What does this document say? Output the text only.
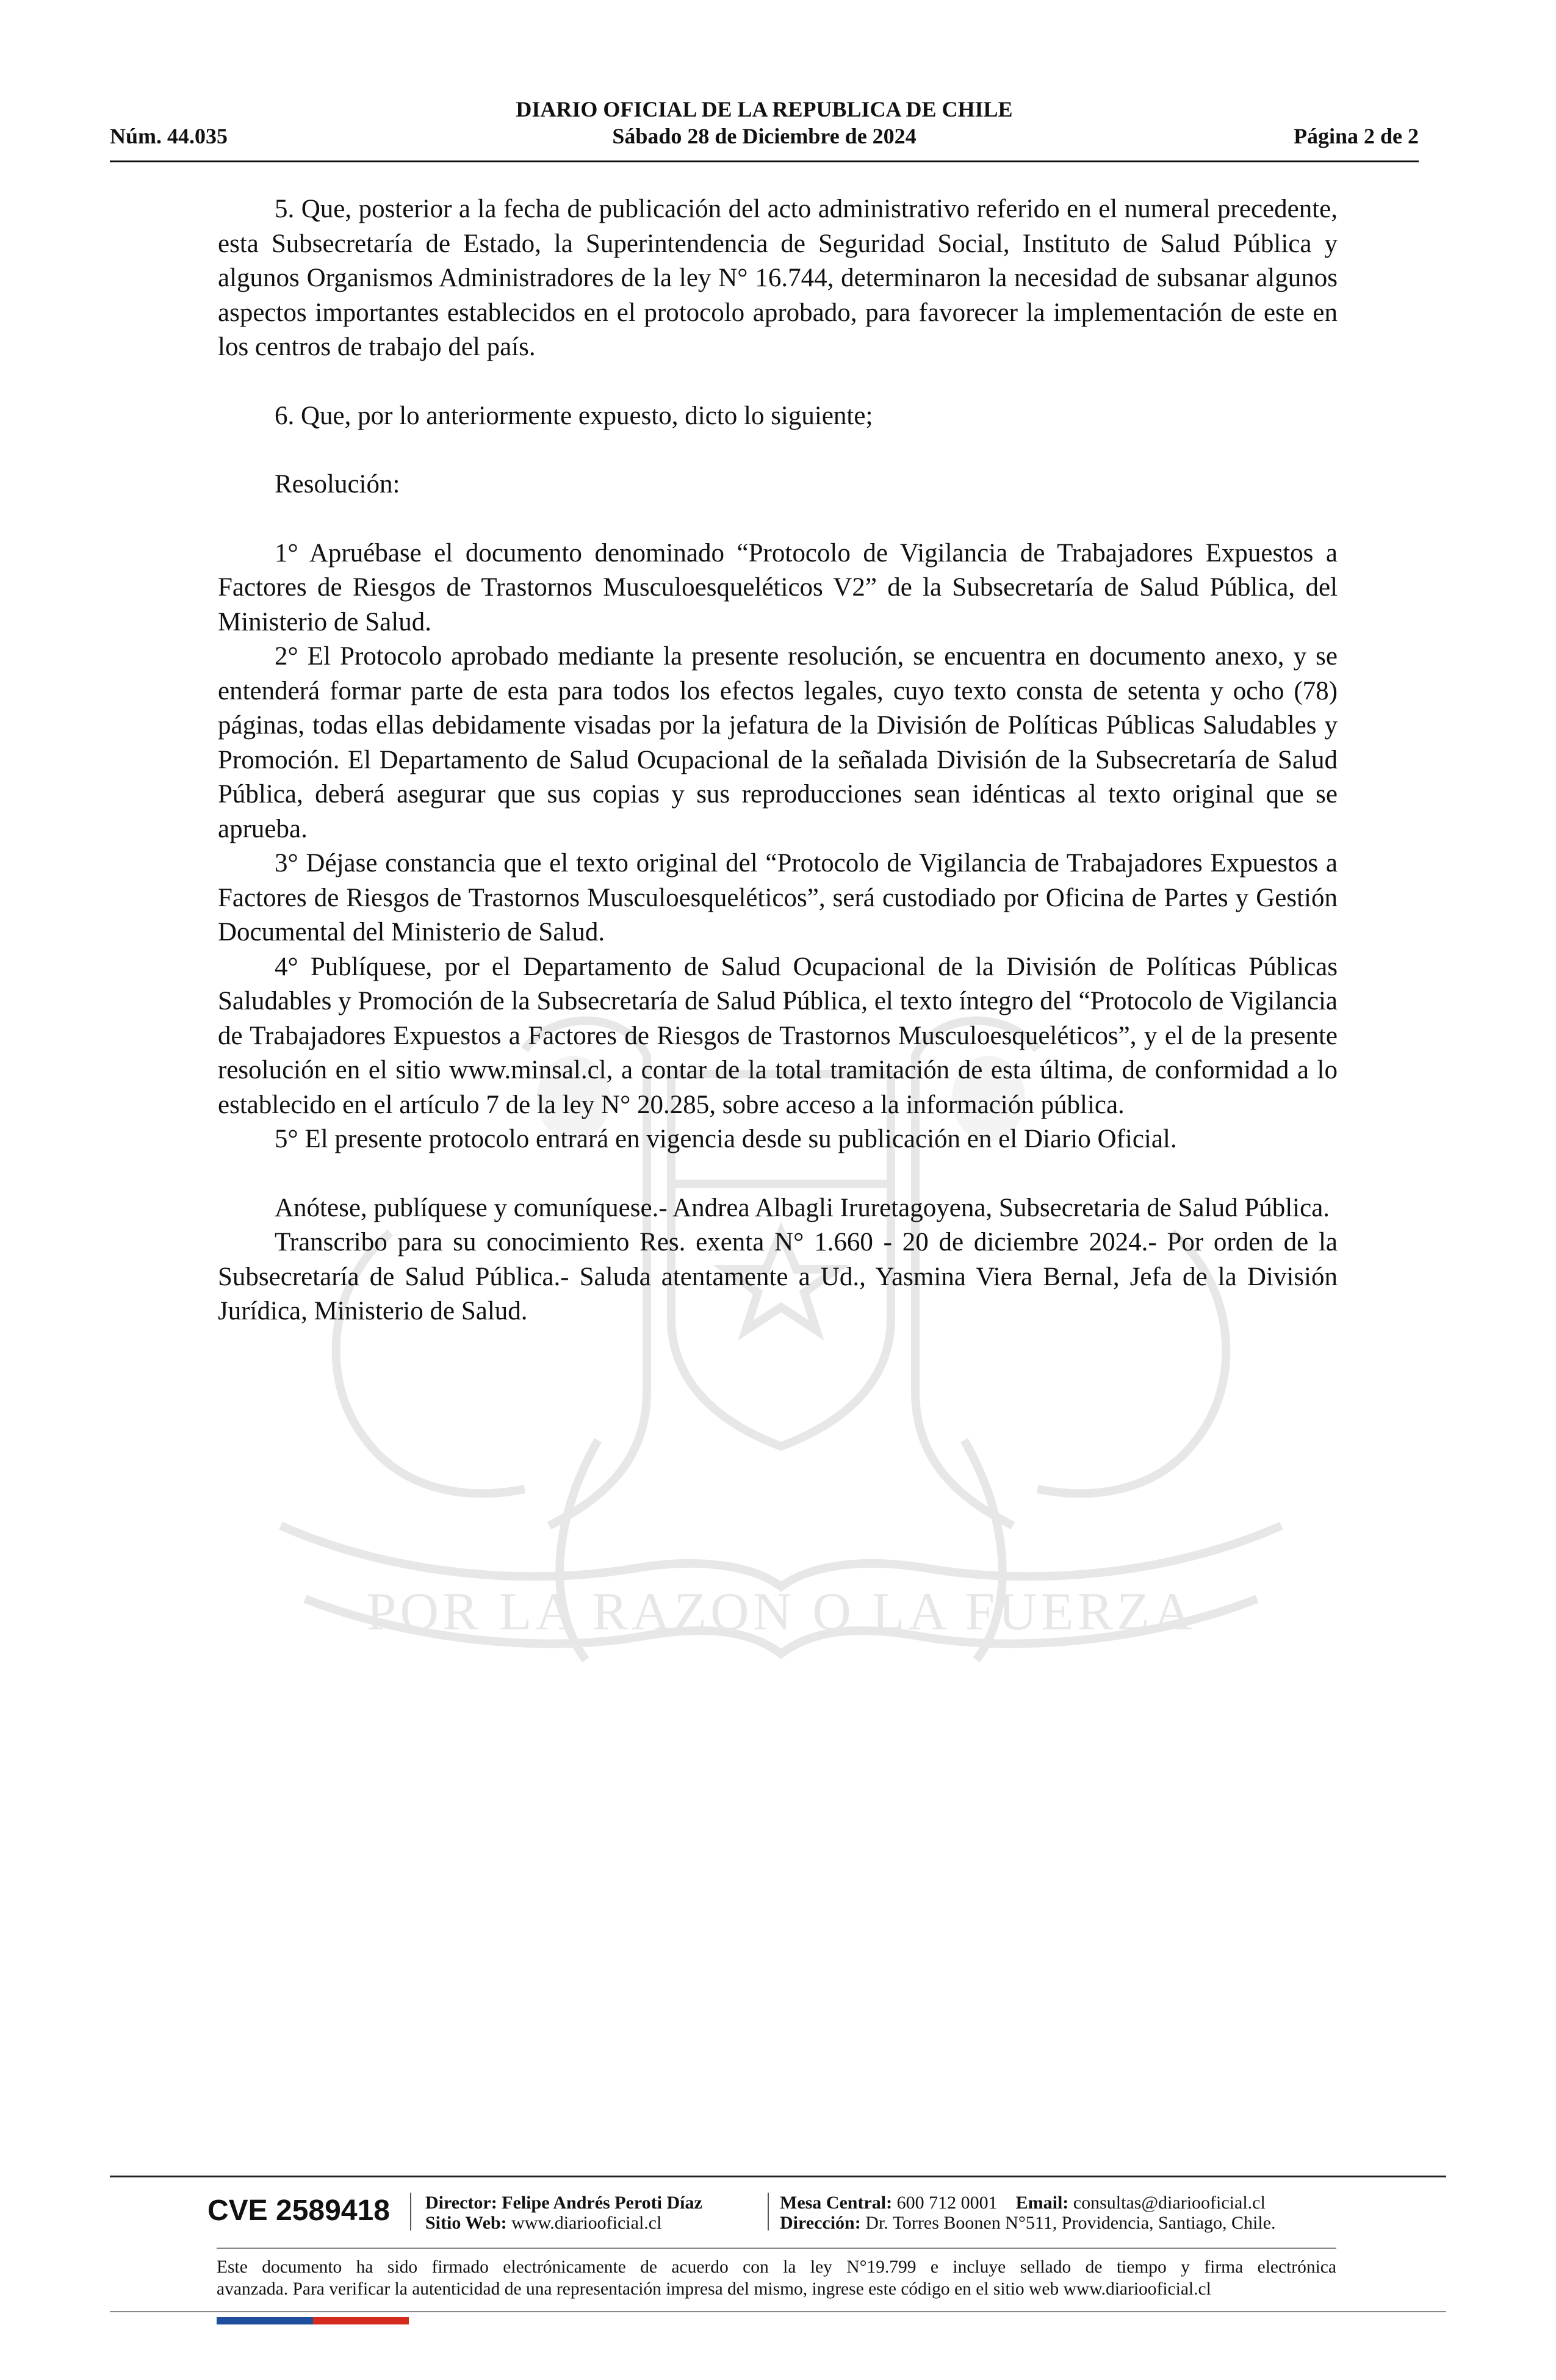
DIARIO OFICIAL DE LA REPUBLICA DE CHILE
Núm. 44.035	Sábado 28 de Diciembre de 2024	Página 2 de 2
POR LA RAZON O LA FUERZA

5. Que, posterior a la fecha de publicación del acto administrativo referido en el numeral precedente, esta Subsecretaría de Estado, la Superintendencia de Seguridad Social, Instituto de Salud Pública y algunos Organismos Administradores de la ley N° 16.744, determinaron la necesidad de subsanar algunos aspectos importantes establecidos en el protocolo aprobado, para favorecer la implementación de este en los centros de trabajo del país.

6. Que, por lo anteriormente expuesto, dicto lo siguiente;

Resolución:

1° Apruébase el documento denominado “Protocolo de Vigilancia de Trabajadores Expuestos a Factores de Riesgos de Trastornos Musculoesqueléticos V2” de la Subsecretaría de Salud Pública, del Ministerio de Salud.

2° El Protocolo aprobado mediante la presente resolución, se encuentra en documento anexo, y se entenderá formar parte de esta para todos los efectos legales, cuyo texto consta de setenta y ocho (78) páginas, todas ellas debidamente visadas por la jefatura de la División de Políticas Públicas Saludables y Promoción. El Departamento de Salud Ocupacional de la señalada División de la Subsecretaría de Salud Pública, deberá asegurar que sus copias y sus reproducciones sean idénticas al texto original que se aprueba.

3° Déjase constancia que el texto original del “Protocolo de Vigilancia de Trabajadores Expuestos a Factores de Riesgos de Trastornos Musculoesqueléticos”, será custodiado por Oficina de Partes y Gestión Documental del Ministerio de Salud.

4° Publíquese, por el Departamento de Salud Ocupacional de la División de Políticas Públicas Saludables y Promoción de la Subsecretaría de Salud Pública, el texto íntegro del “Protocolo de Vigilancia de Trabajadores Expuestos a Factores de Riesgos de Trastornos Musculoesqueléticos”, y el de la presente resolución en el sitio www.minsal.cl, a contar de la total tramitación de esta última, de conformidad a lo establecido en el artículo 7 de la ley N° 20.285, sobre acceso a la información pública.

5° El presente protocolo entrará en vigencia desde su publicación en el Diario Oficial.

Anótese, publíquese y comuníquese.- Andrea Albagli Iruretagoyena, Subsecretaria de Salud Pública.

Transcribo para su conocimiento Res. exenta N° 1.660 - 20 de diciembre 2024.- Por orden de la Subsecretaría de Salud Pública.- Saluda atentamente a Ud., Yasmina Viera Bernal, Jefa de la División Jurídica, Ministerio de Salud.

CVE 2589418 Director: Felipe Andrés Peroti Díaz
Sitio Web: www.diariooficial.cl
Mesa Central: 600 712 0001 Email: consultas@diariooficial.cl
Dirección: Dr. Torres Boonen N°511, Providencia, Santiago, Chile.
Este documento ha sido firmado electrónicamente de acuerdo con la ley N°19.799 e incluye sellado de tiempo y firma electrónica
avanzada. Para verificar la autenticidad de una representación impresa del mismo, ingrese este código en el sitio web www.diariooficial.cl
